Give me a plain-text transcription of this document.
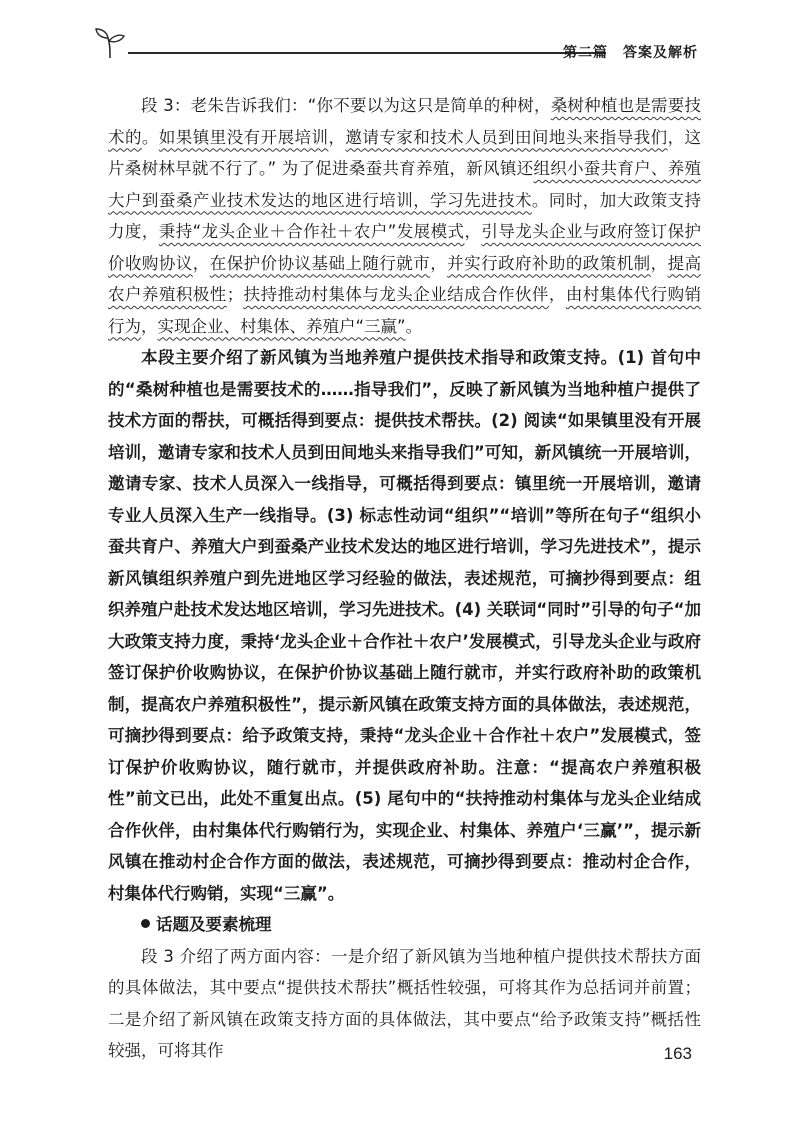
第二篇　答案及解析

段 3：老朱告诉我们：“你不要以为这只是简单的种树，桑树种植也是需要技术的。如果镇里没有开展培训，邀请专家和技术人员到田间地头来指导我们，这片桑树林早就不行了。” 为了促进桑蚕共育养殖，新风镇还组织小蚕共育户、养殖大户到蚕桑产业技术发达的地区进行培训，学习先进技术。同时，加大政策支持力度，秉持“龙头企业＋合作社＋农户”发展模式，引导龙头企业与政府签订保护价收购协议，在保护价协议基础上随行就市，并实行政府补助的政策机制，提高农户养殖积极性；扶持推动村集体与龙头企业结成合作伙伴，由村集体代行购销行为，实现企业、村集体、养殖户“三赢”。

本段主要介绍了新风镇为当地养殖户提供技术指导和政策支持。(1) 首句中的“桑树种植也是需要技术的……指导我们”，反映了新风镇为当地种植户提供了技术方面的帮扶，可概括得到要点：提供技术帮扶。(2) 阅读“如果镇里没有开展培训，邀请专家和技术人员到田间地头来指导我们”可知，新风镇统一开展培训，邀请专家、技术人员深入一线指导，可概括得到要点：镇里统一开展培训，邀请专业人员深入生产一线指导。(3) 标志性动词“组织”“培训”等所在句子“组织小蚕共育户、养殖大户到蚕桑产业技术发达的地区进行培训，学习先进技术”，提示新风镇组织养殖户到先进地区学习经验的做法，表述规范，可摘抄得到要点：组织养殖户赴技术发达地区培训，学习先进技术。(4) 关联词“同时”引导的句子“加大政策支持力度，秉持‘龙头企业＋合作社＋农户’发展模式，引导龙头企业与政府签订保护价收购协议，在保护价协议基础上随行就市，并实行政府补助的政策机制，提高农户养殖积极性”，提示新风镇在政策支持方面的具体做法，表述规范，可摘抄得到要点：给予政策支持，秉持“龙头企业＋合作社＋农户”发展模式，签订保护价收购协议，随行就市，并提供政府补助。注意：“提高农户养殖积极性”前文已出，此处不重复出点。(5) 尾句中的“扶持推动村集体与龙头企业结成合作伙伴，由村集体代行购销行为，实现企业、村集体、养殖户‘三赢’”，提示新风镇在推动村企合作方面的做法，表述规范，可摘抄得到要点：推动村企合作，村集体代行购销，实现“三赢”。

话题及要素梳理

段 3 介绍了两方面内容：一是介绍了新风镇为当地种植户提供技术帮扶方面的具体做法，其中要点“提供技术帮扶”概括性较强，可将其作为总括词并前置；二是介绍了新风镇在政策支持方面的具体做法，其中要点“给予政策支持”概括性较强，可将其作	163
